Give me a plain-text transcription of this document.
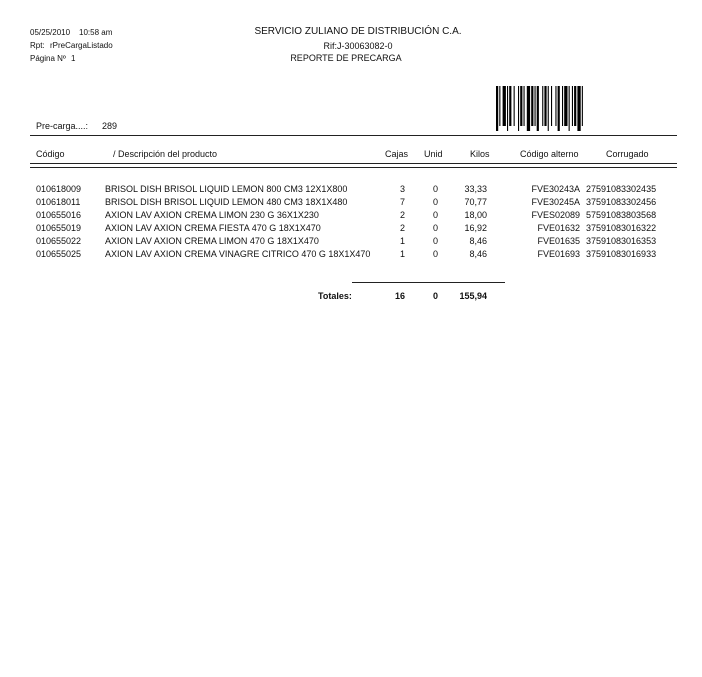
05/25/2010 10:58 am
Rpt: rPreCargaListado
Página Nº 1
SERVICIO ZULIANO DE DISTRIBUCIÓN C.A.
Rif:J-30063082-0
REPORTE DE PRECARGA
Pre-carga....: 289
Código	/ Descripción del producto	Cajas Unid	Kilos	Código alterno	Corrugado
010618009	BRISOL DISH BRISOL LIQUID LEMON 800 CM3 12X1X800	3	0	33,33	FVE30243A 27591083302435
010618011	BRISOL DISH BRISOL LIQUID LEMON 480 CM3 18X1X480	7	0	70,77	FVE30245A 37591083302456
010655016	AXION LAV AXION CREMA LIMON 230 G 36X1X230	2	0	18,00	FVES02089 57591083803568
010655019	AXION LAV AXION CREMA FIESTA 470 G 18X1X470	2	0	16,92	FVE01632 37591083016322
010655022	AXION LAV AXION CREMA LIMON 470 G 18X1X470	1	0	8,46	FVE01635 37591083016353
010655025	AXION LAV AXION CREMA VINAGRE CITRICO 470 G 18X1X470	1	0	8,46	FVE01693 37591083016933
Totales:	16	0	155,94
